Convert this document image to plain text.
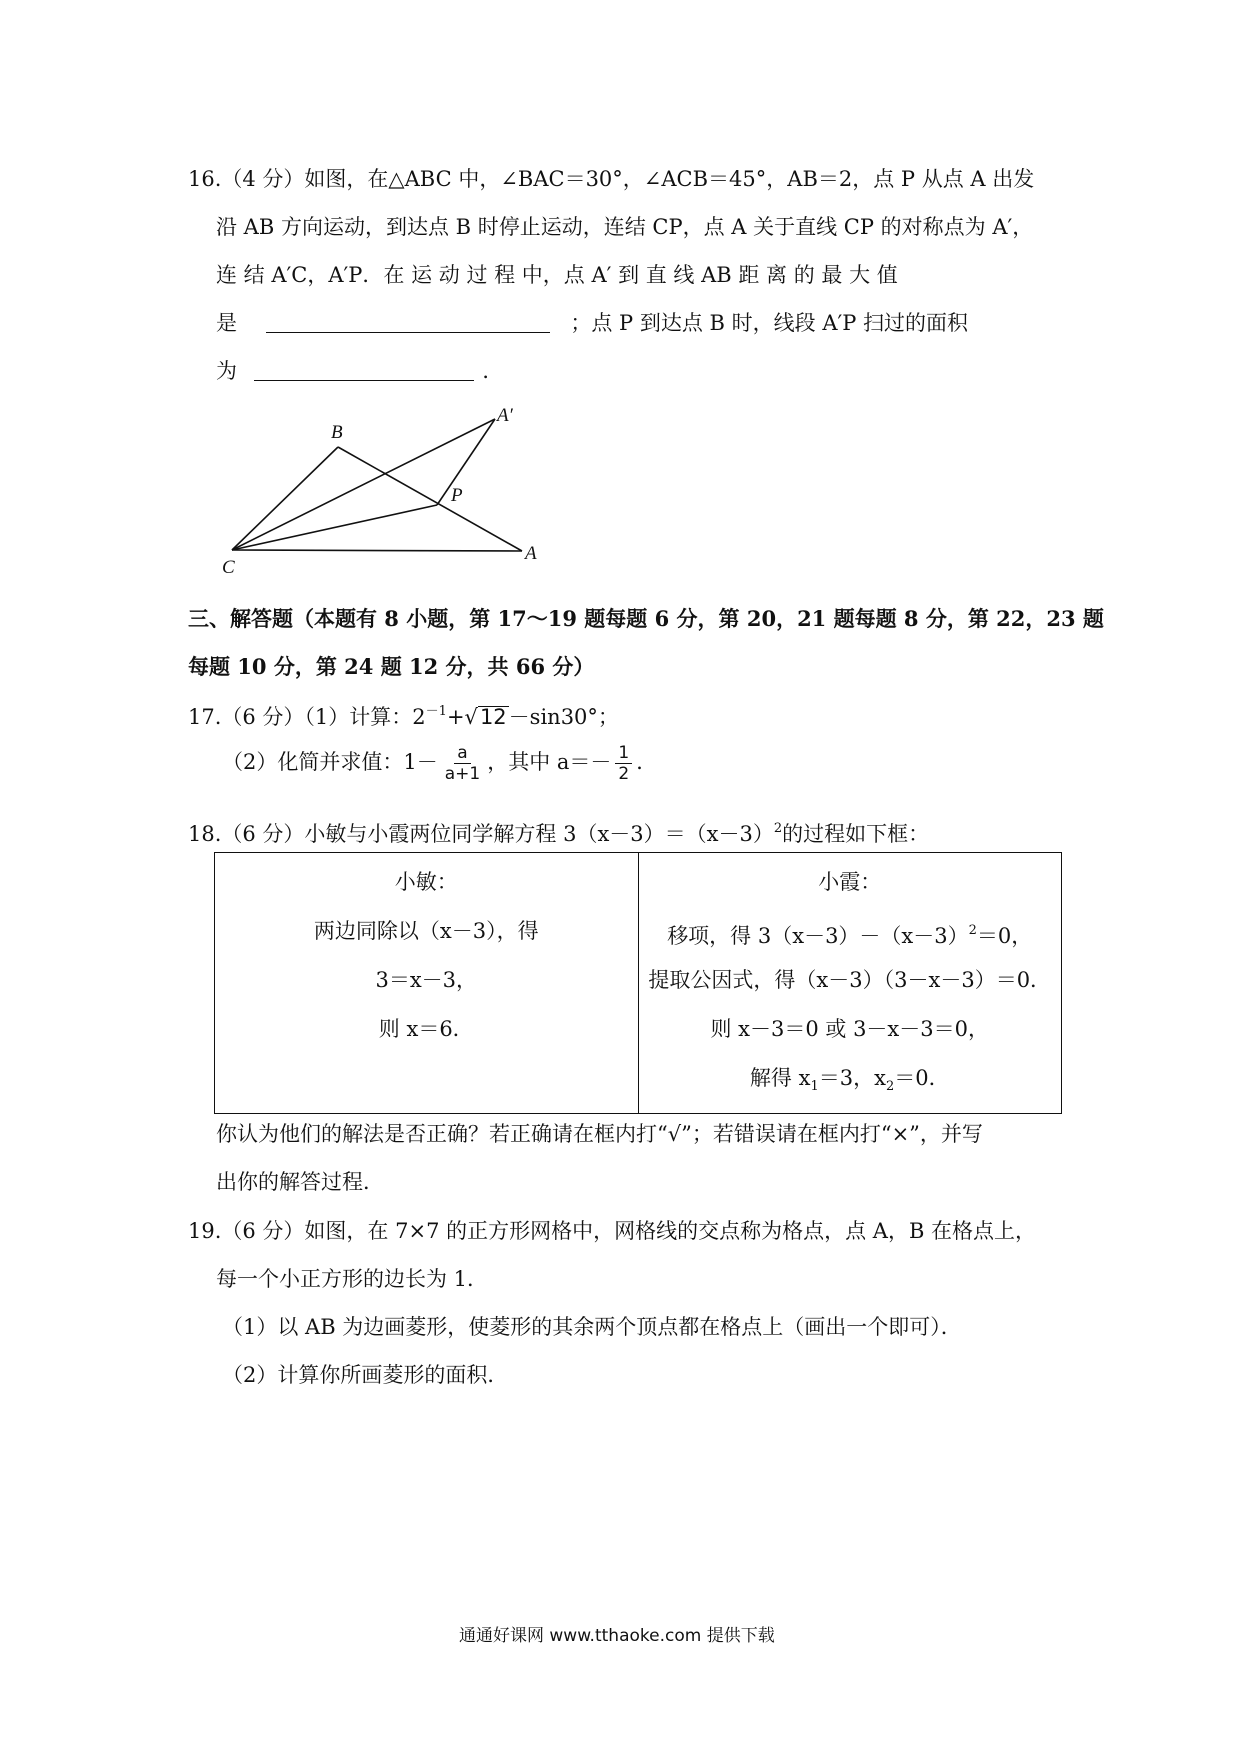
16.（4 分）如图，在△ABC 中，∠BAC＝30°，∠ACB＝45°，AB＝2，点 P 从点 A 出发
沿 AB 方向运动，到达点 B 时停止运动，连结 CP，点 A 关于直线 CP 的对称点为 A′，
连 结 A′C，A′P．在 运 动 过 程 中，点 A′ 到 直 线 AB 距 离 的 最 大 值
是	；点 P 到达点 B 时，线段 A′P 扫过的面积
为	．
B
A′
P
C
A
三、解答题（本题有 8 小题，第 17～19 题每题 6 分，第 20，21 题每题 8 分，第 22，23 题
每题 10 分，第 24 题 12 分，共 66 分）
17.（6 分）（1）计算：$2^{-1}+√12-\sin 30^\circ$；
（2）化简并求值：$1- \frac{a}{a+1}$ ，其中 $a=- \frac{1}{2}$ ．
18.（6 分）小敏与小霞两位同学解方程 $3(x-3)=(x-3)^2$的过程如下框：
小敏：
两边同除以（x－3），得
3＝x－3，
则 x＝6．

小霞：
移项，得 $3(x-3)-(x-3)^2=0$，
提取公因式，得（x－3）（3－x－3）＝0．
则 x－3＝0 或 3－x－3＝0，
解得 $x_1=3$，$x_2=0$．
你认为他们的解法是否正确？若正确请在框内打“√”；若错误请在框内打“×”，并写
出你的解答过程．
19.（6 分）如图，在 7×7 的正方形网格中，网格线的交点称为格点，点 A，B 在格点上，
每一个小正方形的边长为 1．
（1）以 AB 为边画菱形，使菱形的其余两个顶点都在格点上（画出一个即可）．
（2）计算你所画菱形的面积．
通通好课网 www.tthaoke.com 提供下载
